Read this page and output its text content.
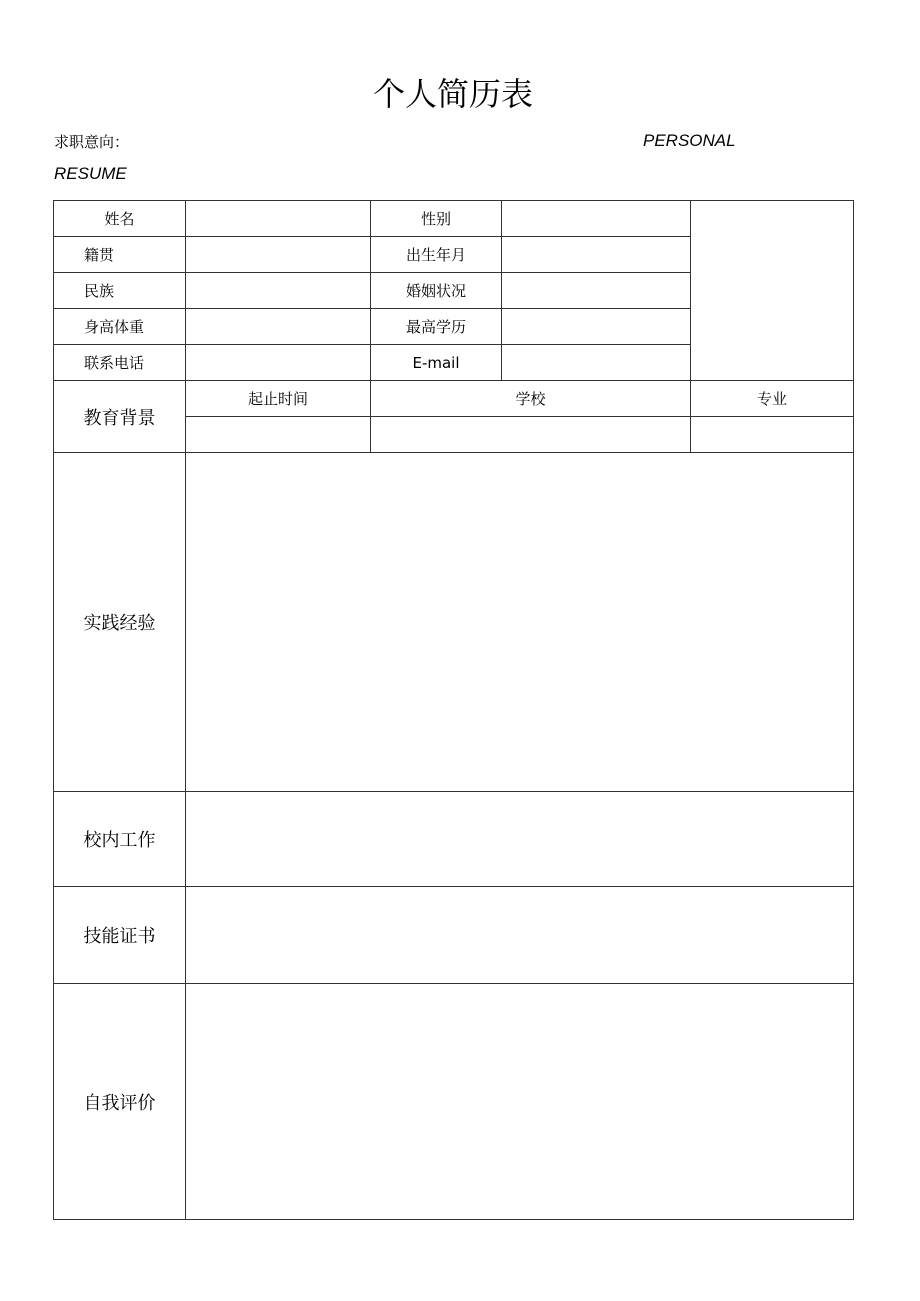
个人简历表
求职意向：	PERSONAL
RESUME
姓名		性别		
籍贯		出生年月		
民族		婚姻状况		
身高体重		最高学历		
联系电话		E-mail		
教育背景	起止时间	学校		专业

实践经验				
校内工作				
技能证书				
自我评价				
